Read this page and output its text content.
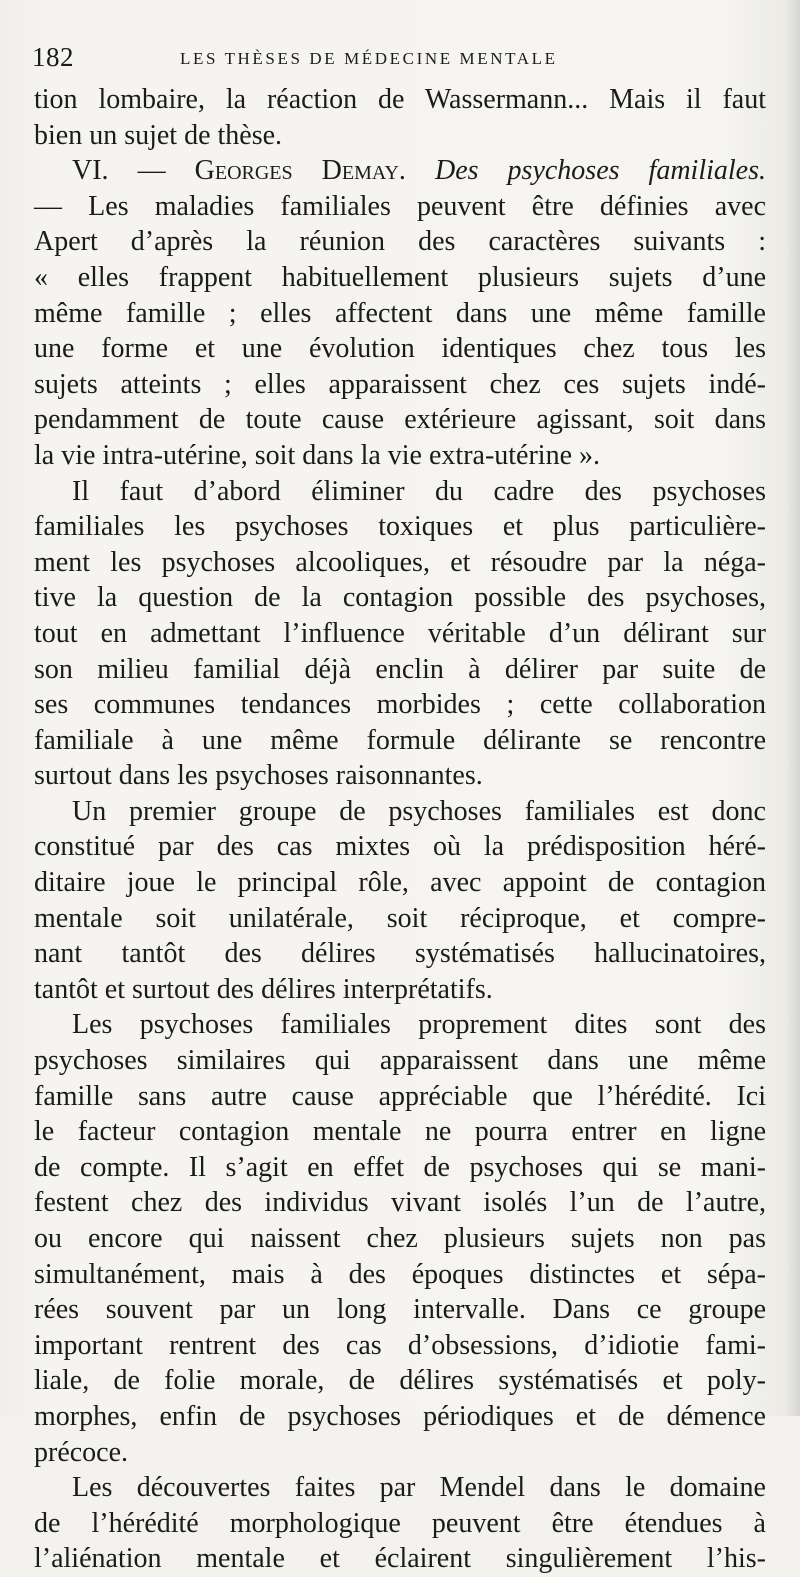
182	LES THÈSES DE MÉDECINE MENTALE
tion lombaire, la réaction de Wassermann... Mais il faut
bien un sujet de thèse.
VI. — Georges Demay. Des psychoses familiales.
— Les maladies familiales peuvent être définies avec
Apert d’après la réunion des caractères suivants :
« elles frappent habituellement plusieurs sujets d’une
même famille ; elles affectent dans une même famille
une forme et une évolution identiques chez tous les
sujets atteints ; elles apparaissent chez ces sujets indé-
pendamment de toute cause extérieure agissant, soit dans
la vie intra-utérine, soit dans la vie extra-utérine ».
Il faut d’abord éliminer du cadre des psychoses
familiales les psychoses toxiques et plus particulière-
ment les psychoses alcooliques, et résoudre par la néga-
tive la question de la contagion possible des psychoses,
tout en admettant l’influence véritable d’un délirant sur
son milieu familial déjà enclin à délirer par suite de
ses communes tendances morbides ; cette collaboration
familiale à une même formule délirante se rencontre
surtout dans les psychoses raisonnantes.
Un premier groupe de psychoses familiales est donc
constitué par des cas mixtes où la prédisposition héré-
ditaire joue le principal rôle, avec appoint de contagion
mentale soit unilatérale, soit réciproque, et compre-
nant tantôt des délires systématisés hallucinatoires,
tantôt et surtout des délires interprétatifs.
Les psychoses familiales proprement dites sont des
psychoses similaires qui apparaissent dans une même
famille sans autre cause appréciable que l’hérédité. Ici
le facteur contagion mentale ne pourra entrer en ligne
de compte. Il s’agit en effet de psychoses qui se mani-
festent chez des individus vivant isolés l’un de l’autre,
ou encore qui naissent chez plusieurs sujets non pas
simultanément, mais à des époques distinctes et sépa-
rées souvent par un long intervalle. Dans ce groupe
important rentrent des cas d’obsessions, d’idiotie fami-
liale, de folie morale, de délires systématisés et poly-
morphes, enfin de psychoses périodiques et de démence
précoce.
Les découvertes faites par Mendel dans le domaine
de l’hérédité morphologique peuvent être étendues à
l’aliénation mentale et éclairent singulièrement l’his-
